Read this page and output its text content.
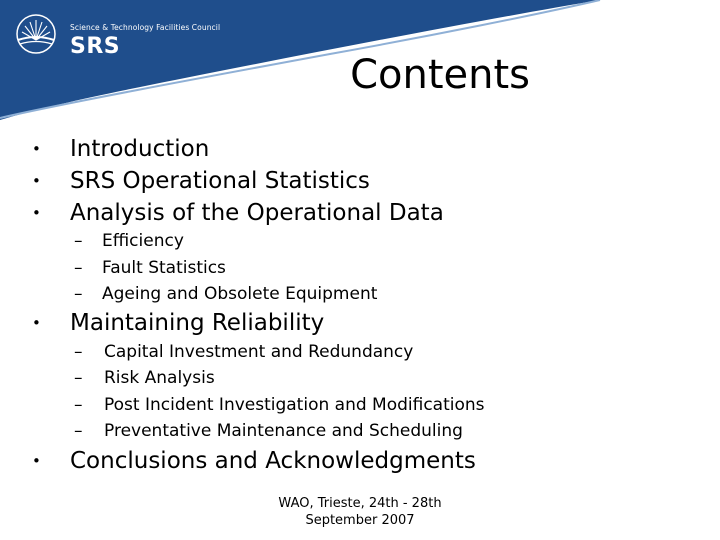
Science & Technology Facilities Council
SRS
Contents
• Introduction
• SRS Operational Statistics
• Analysis of the Operational Data
– Efficiency
– Fault Statistics
– Ageing and Obsolete Equipment
• Maintaining Reliability
– Capital Investment and Redundancy
– Risk Analysis
– Post Incident Investigation and Modifications
– Preventative Maintenance and Scheduling
• Conclusions and Acknowledgments
WAO, Trieste, 24th - 28th
September 2007
